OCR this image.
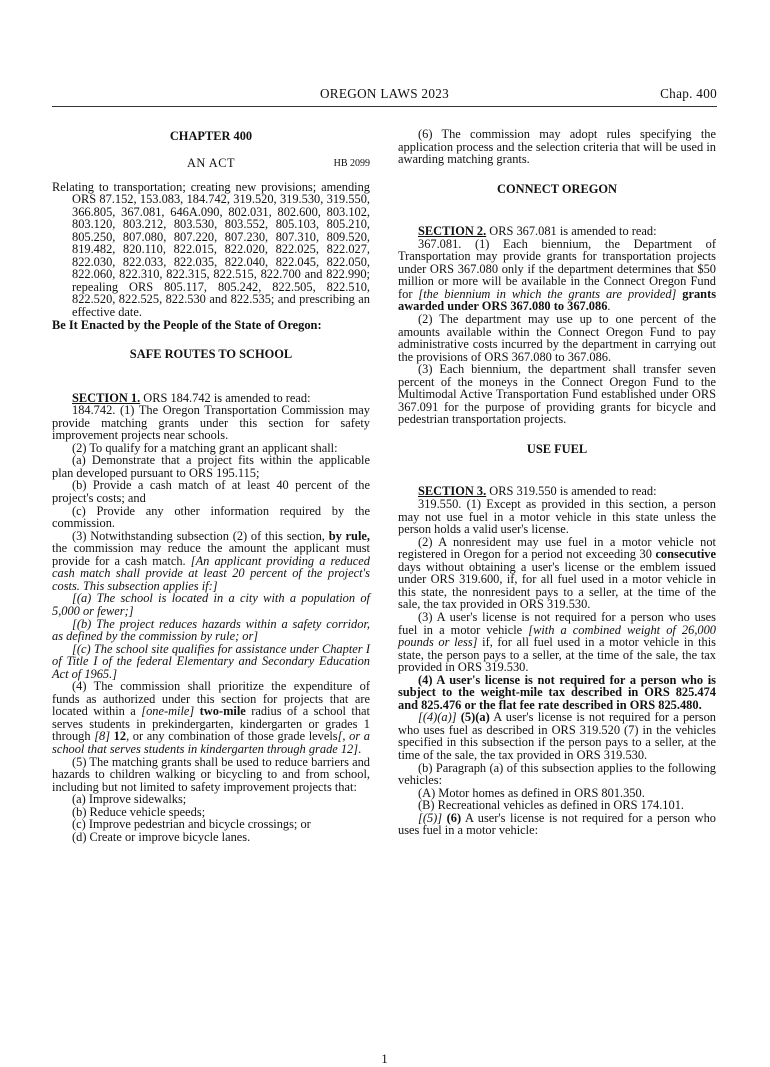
OREGON LAWS 2023	Chap. 400

CHAPTER 400

AN ACT	HB 2099

Relating to transportation; creating new provisions; amending ORS 87.152, 153.083, 184.742, 319.520, 319.530, 319.550, 366.805, 367.081, 646A.090, 802.031, 802.600, 803.102, 803.120, 803.212, 803.530, 803.552, 805.103, 805.210, 805.250, 807.080, 807.220, 807.230, 807.310, 809.520, 819.482, 820.110, 822.015, 822.020, 822.025, 822.027, 822.030, 822.033, 822.035, 822.040, 822.045, 822.050, 822.060, 822.310, 822.315, 822.515, 822.700 and 822.990; repealing ORS 805.117, 805.242, 822.505, 822.510, 822.520, 822.525, 822.530 and 822.535; and prescribing an effective date.

Be It Enacted by the People of the State of Oregon:

SAFE ROUTES TO SCHOOL

SECTION 1. ORS 184.742 is amended to read:

184.742. (1) The Oregon Transportation Commission may provide matching grants under this section for safety improvement projects near schools.

(2) To qualify for a matching grant an applicant shall:

(a) Demonstrate that a project fits within the applicable plan developed pursuant to ORS 195.115;

(b) Provide a cash match of at least 40 percent of the project's costs; and

(c) Provide any other information required by the commission.

(3) Notwithstanding subsection (2) of this section, by rule, the commission may reduce the amount the applicant must provide for a cash match. [An applicant providing a reduced cash match shall provide at least 20 percent of the project's costs. This subsection applies if:]

[(a) The school is located in a city with a population of 5,000 or fewer;]

[(b) The project reduces hazards within a safety corridor, as defined by the commission by rule; or]

[(c) The school site qualifies for assistance under Chapter I of Title I of the federal Elementary and Secondary Education Act of 1965.]

(4) The commission shall prioritize the expenditure of funds as authorized under this section for projects that are located within a [one-mile] two-mile radius of a school that serves students in prekindergarten, kindergarten or grades 1 through [8] 12, or any combination of those grade levels[, or a school that serves students in kindergarten through grade 12].

(5) The matching grants shall be used to reduce barriers and hazards to children walking or bicycling to and from school, including but not limited to safety improvement projects that:

(a) Improve sidewalks;

(b) Reduce vehicle speeds;

(c) Improve pedestrian and bicycle crossings; or

(d) Create or improve bicycle lanes.

(6) The commission may adopt rules specifying the application process and the selection criteria that will be used in awarding matching grants.

CONNECT OREGON

SECTION 2. ORS 367.081 is amended to read:

367.081. (1) Each biennium, the Department of Transportation may provide grants for transportation projects under ORS 367.080 only if the department determines that $50 million or more will be available in the Connect Oregon Fund for [the biennium in which the grants are provided] grants awarded under ORS 367.080 to 367.086.

(2) The department may use up to one percent of the amounts available within the Connect Oregon Fund to pay administrative costs incurred by the department in carrying out the provisions of ORS 367.080 to 367.086.

(3) Each biennium, the department shall transfer seven percent of the moneys in the Connect Oregon Fund to the Multimodal Active Transportation Fund established under ORS 367.091 for the purpose of providing grants for bicycle and pedestrian transportation projects.

USE FUEL

SECTION 3. ORS 319.550 is amended to read:

319.550. (1) Except as provided in this section, a person may not use fuel in a motor vehicle in this state unless the person holds a valid user's license.

(2) A nonresident may use fuel in a motor vehicle not registered in Oregon for a period not exceeding 30 consecutive days without obtaining a user's license or the emblem issued under ORS 319.600, if, for all fuel used in a motor vehicle in this state, the nonresident pays to a seller, at the time of the sale, the tax provided in ORS 319.530.

(3) A user's license is not required for a person who uses fuel in a motor vehicle [with a combined weight of 26,000 pounds or less] if, for all fuel used in a motor vehicle in this state, the person pays to a seller, at the time of the sale, the tax provided in ORS 319.530.

(4) A user's license is not required for a person who is subject to the weight-mile tax described in ORS 825.474 and 825.476 or the flat fee rate described in ORS 825.480.

[(4)(a)] (5)(a) A user's license is not required for a person who uses fuel as described in ORS 319.520 (7) in the vehicles specified in this subsection if the person pays to a seller, at the time of the sale, the tax provided in ORS 319.530.

(b) Paragraph (a) of this subsection applies to the following vehicles:

(A) Motor homes as defined in ORS 801.350.

(B) Recreational vehicles as defined in ORS 174.101.

[(5)] (6) A user's license is not required for a person who uses fuel in a motor vehicle:

1
